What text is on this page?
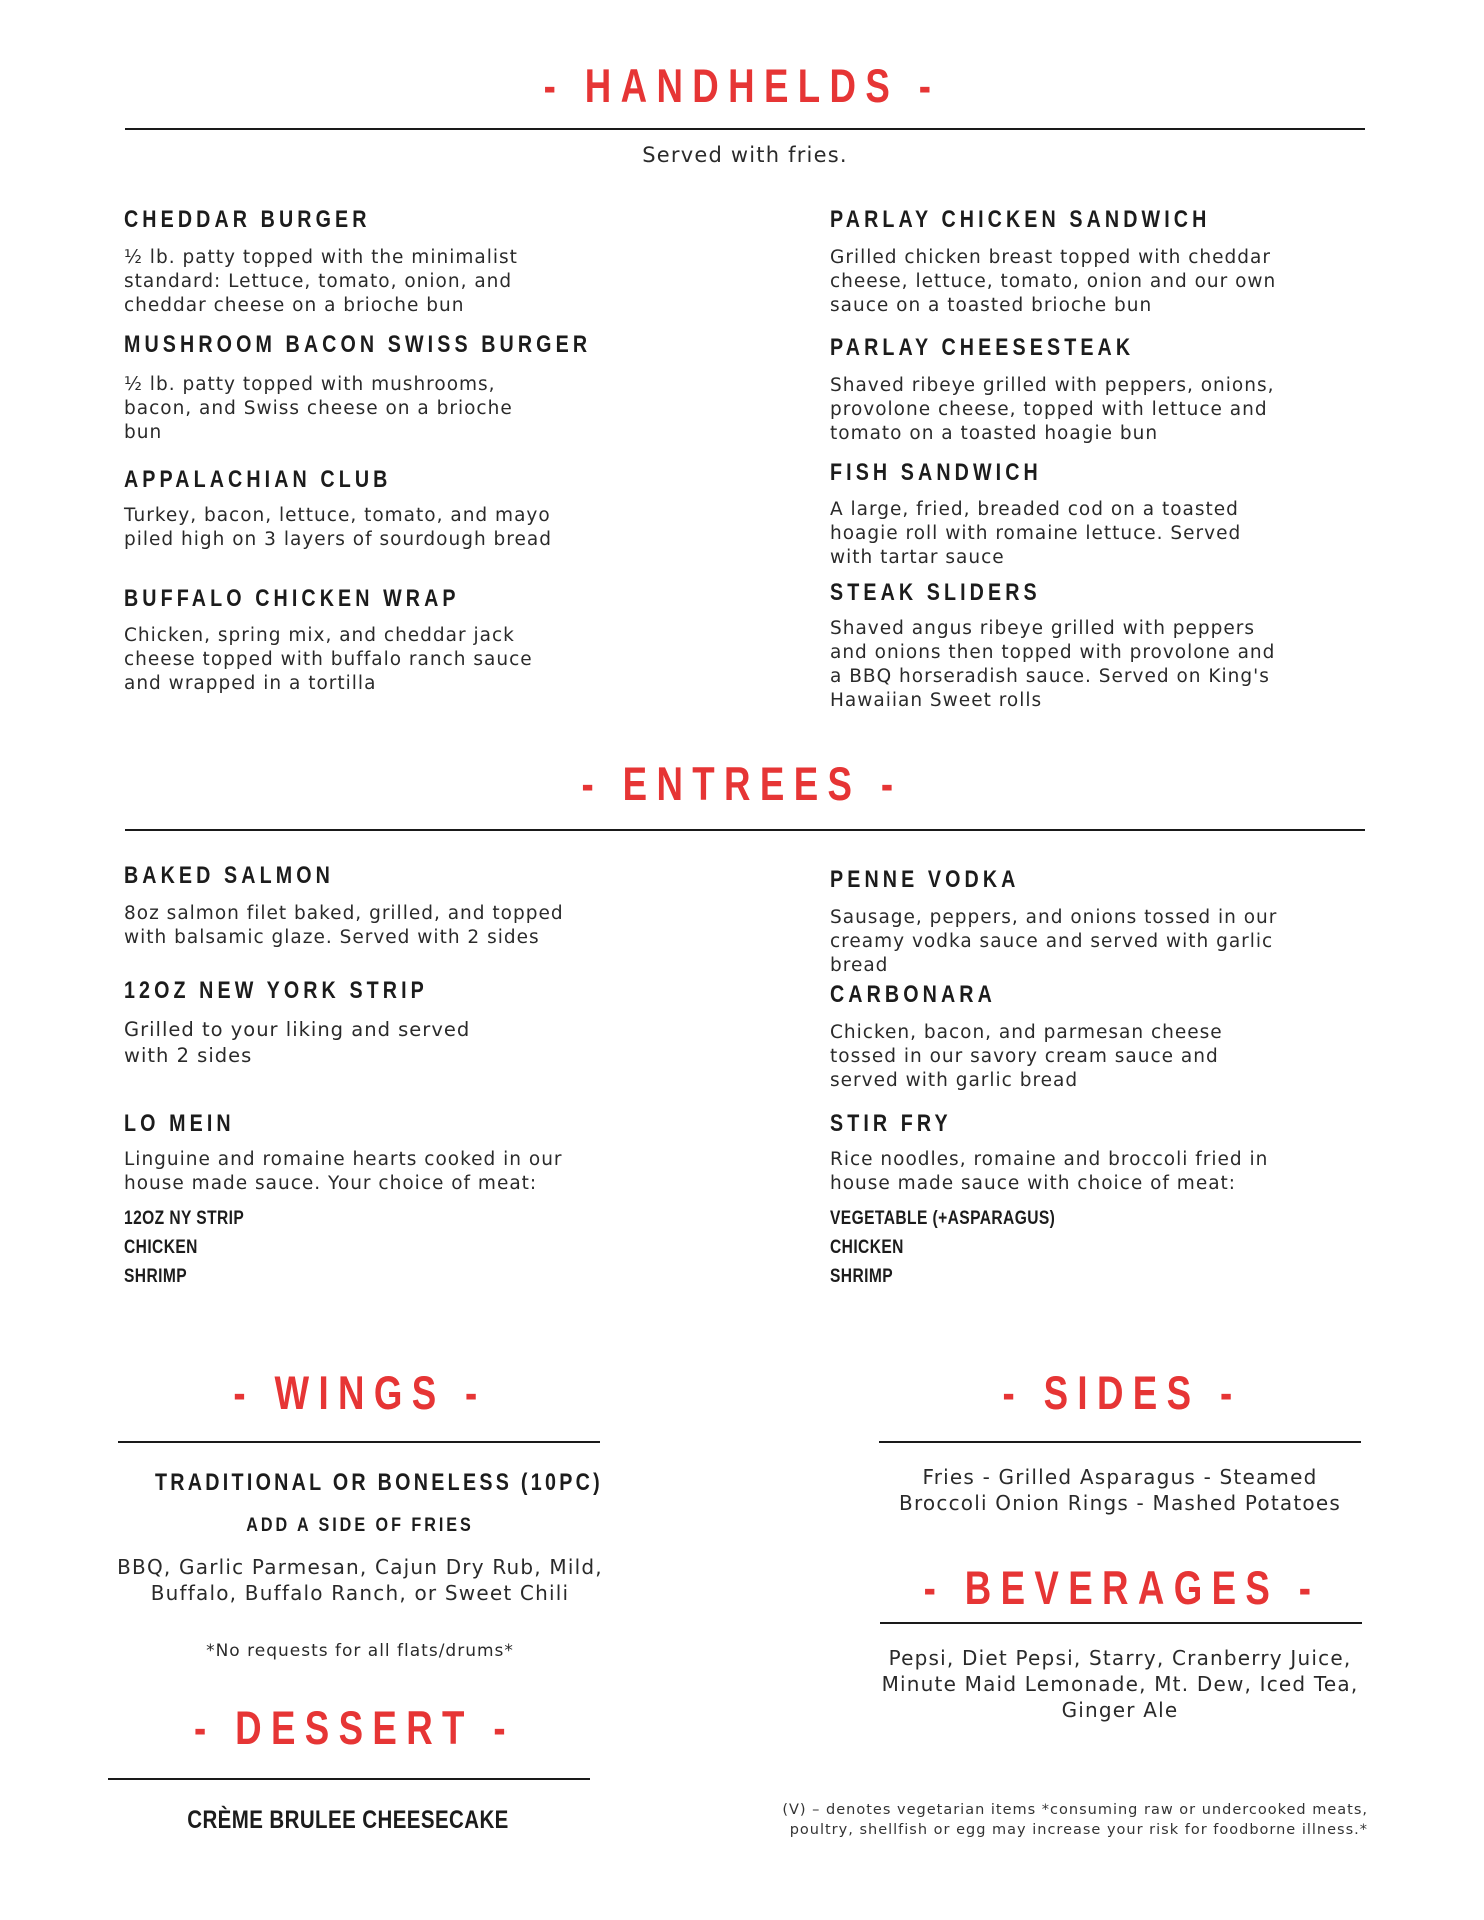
- HANDHELDS -
Served with fries.
CHEDDAR BURGER
½ lb. patty topped with the minimalist
standard: Lettuce, tomato, onion, and
cheddar cheese on a brioche bun
MUSHROOM BACON SWISS BURGER
½ lb. patty topped with mushrooms,
bacon, and Swiss cheese on a brioche
bun
APPALACHIAN CLUB
Turkey, bacon, lettuce, tomato, and mayo
piled high on 3 layers of sourdough bread
BUFFALO CHICKEN WRAP
Chicken, spring mix, and cheddar jack
cheese topped with buffalo ranch sauce
and wrapped in a tortilla
PARLAY CHICKEN SANDWICH
Grilled chicken breast topped with cheddar
cheese, lettuce, tomato, onion and our own
sauce on a toasted brioche bun
PARLAY CHEESESTEAK
Shaved ribeye grilled with peppers, onions,
provolone cheese, topped with lettuce and
tomato on a toasted hoagie bun
FISH SANDWICH
A large, fried, breaded cod on a toasted
hoagie roll with romaine lettuce. Served
with tartar sauce
STEAK SLIDERS
Shaved angus ribeye grilled with peppers
and onions then topped with provolone and
a BBQ horseradish sauce. Served on King's
Hawaiian Sweet rolls
- ENTREES -
BAKED SALMON
8oz salmon filet baked, grilled, and topped
with balsamic glaze. Served with 2 sides
12OZ NEW YORK STRIP
Grilled to your liking and served
with 2 sides
LO MEIN
Linguine and romaine hearts cooked in our
house made sauce. Your choice of meat:
12OZ NY STRIP
CHICKEN
SHRIMP
PENNE VODKA
Sausage, peppers, and onions tossed in our
creamy vodka sauce and served with garlic
bread
CARBONARA
Chicken, bacon, and parmesan cheese
tossed in our savory cream sauce and
served with garlic bread
STIR FRY
Rice noodles, romaine and broccoli fried in
house made sauce with choice of meat:
VEGETABLE (+ASPARAGUS)
CHICKEN
SHRIMP
- WINGS -
TRADITIONAL OR BONELESS (10PC)
ADD A SIDE OF FRIES
BBQ, Garlic Parmesan, Cajun Dry Rub, Mild,
Buffalo, Buffalo Ranch, or Sweet Chili
*No requests for all flats/drums*
- DESSERT -
CRÈME BRULEE CHEESECAKE
- SIDES -
Fries - Grilled Asparagus - Steamed
Broccoli Onion Rings - Mashed Potatoes
- BEVERAGES -
Pepsi, Diet Pepsi, Starry, Cranberry Juice,
Minute Maid Lemonade, Mt. Dew, Iced Tea,
Ginger Ale
(V) – denotes vegetarian items *consuming raw or undercooked meats,
poultry, shellfish or egg may increase your risk for foodborne illness.*
